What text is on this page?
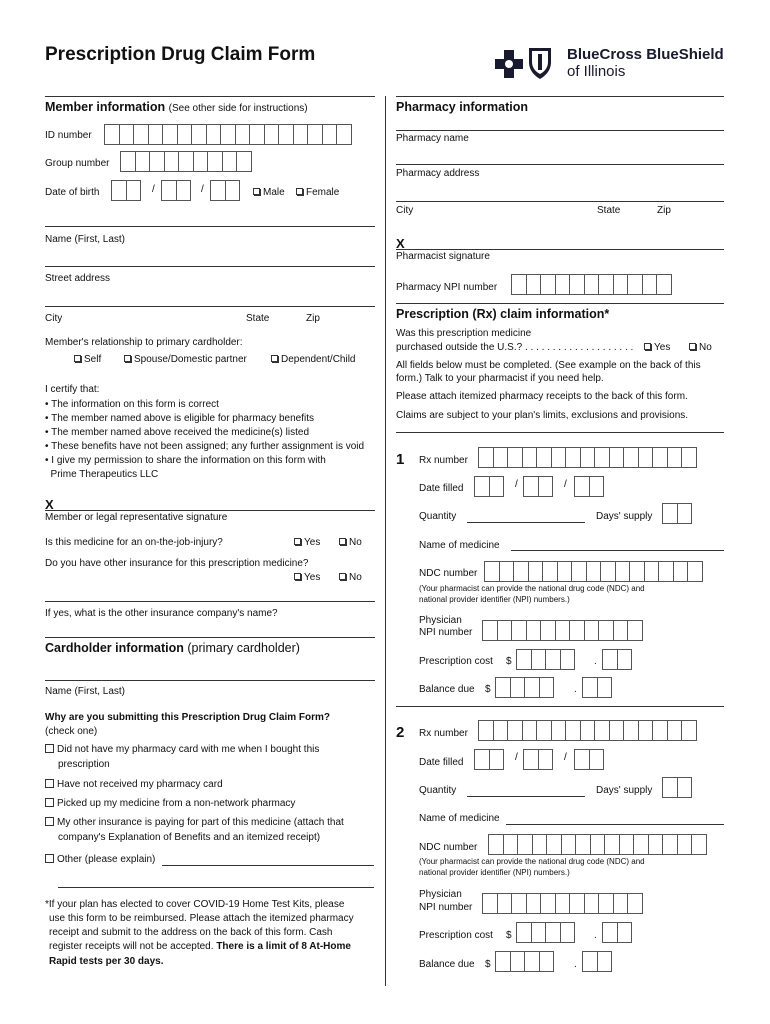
Prescription Drug Claim Form	BlueCross BlueShield
of Illinois
Member information (See other side for instructions)
ID number
Group number
Date of birth	/	/	Male	Female
Name (First, Last)
Street address
City	State	Zip
Member's relationship to primary cardholder:
Self	Spouse/Domestic partner	Dependent/Child
I certify that:
• The information on this form is correct
• The member named above is eligible for pharmacy benefits
• The member named above received the medicine(s) listed
• These benefits have not been assigned; any further assignment is void
• I give my permission to share the information on this form with
Prime Therapeutics LLC
X
Member or legal representative signature
Is this medicine for an on-the-job-injury?	Yes	No
Do you have other insurance for this prescription medicine?
Yes	No
If yes, what is the other insurance company's name?
Cardholder information (primary cardholder)
Name (First, Last)
Why are you submitting this Prescription Drug Claim Form?
(check one)
Did not have my pharmacy card with me when I bought this
prescription
Have not received my pharmacy card
Picked up my medicine from a non-network pharmacy
My other insurance is paying for part of this medicine (attach that
company's Explanation of Benefits and an itemized receipt)
Other (please explain)
*If your plan has elected to cover COVID-19 Home Test Kits, please
use this form to be reimbursed. Please attach the itemized pharmacy
receipt and submit to the address on the back of this form. Cash
register receipts will not be accepted. There is a limit of 8 At-Home
Rapid tests per 30 days.
Pharmacy information
Pharmacy name
Pharmacy address
City	State	Zip
X
Pharmacist signature
Pharmacy NPI number
Prescription (Rx) claim information*
Was this prescription medicine
purchased outside the U.S.? . . . . . . . . . . . . . . . . . . . .	Yes	No
All fields below must be completed. (See example on the back of this
form.) Talk to your pharmacist if you need help.
Please attach itemized pharmacy receipts to the back of this form.
Claims are subject to your plan's limits, exclusions and provisions.
1 Rx number
Date filled	/	/
Quantity	Days' supply
Name of medicine
NDC number
(Your pharmacist can provide the national drug code (NDC) and
national provider identifier (NPI) numbers.)
Physician
NPI number
Prescription cost $	.
Balance due $	.
2 Rx number
Date filled	/	/
Quantity	Days' supply
Name of medicine
NDC number
(Your pharmacist can provide the national drug code (NDC) and
national provider identifier (NPI) numbers.)
Physician
NPI number
Prescription cost $	.
Balance due $	.
